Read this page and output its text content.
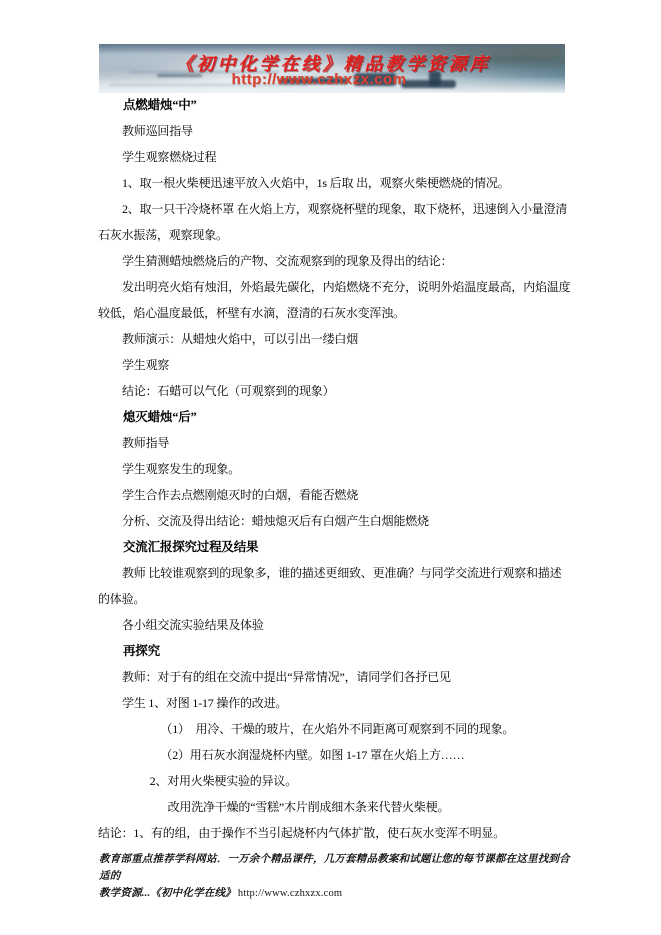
《初中化学在线》精品教学资源库
http://www.czhxzx.com
点燃蜡烛“中”
教师巡回指导
学生观察燃烧过程
1、取一根火柴梗迅速平放入火焰中，1s 后取 出，观察火柴梗燃烧的情况。
2、取一只干冷烧杯罩 在火焰上方，观察烧杯壁的现象，取下烧杯，迅速倒入小量澄清
石灰水振荡，观察现象。
学生猜测蜡烛燃烧后的产物、交流观察到的现象及得出的结论：
发出明亮火焰有烛泪，外焰最先碳化，内焰燃烧不充分，说明外焰温度最高，内焰温度
较低，焰心温度最低，杯壁有水滴，澄清的石灰水变浑浊。
教师演示：从蜡烛火焰中，可以引出一缕白烟
学生观察
结论：石蜡可以气化（可观察到的现象）
熄灭蜡烛“后”
教师指导
学生观察发生的现象。
学生合作去点燃刚熄灭时的白烟，看能否燃烧
分析、交流及得出结论：蜡烛熄灭后有白烟产生白烟能燃烧
交流汇报探究过程及结果
教师 比较谁观察到的现象多，谁的描述更细致、更准确？与同学交流进行观察和描述
的体验。
各小组交流实验结果及体验
再探究
教师：对于有的组在交流中提出“异常情况”，请同学们各抒已见
学生 1、对图 1-17 操作的改进。
（1）　用冷、干燥的玻片，在火焰外不同距离可观察到不同的现象。
（2）用石灰水润湿烧杯内壁。如图 1-17 罩在火焰上方……
2、对用火柴梗实验的异议。
改用洗净干燥的“雪糕”木片削成细木条来代替火柴梗。
结论：1、有的组，由于操作不当引起烧杯内气体扩散，使石灰水变浑不明显。
教育部重点推荐学科网站．一万余个精品课件，几万套精品教案和试题让您的每节课都在这里找到合适的
教学资源...《初中化学在线》 http://www.czhxzx.com
